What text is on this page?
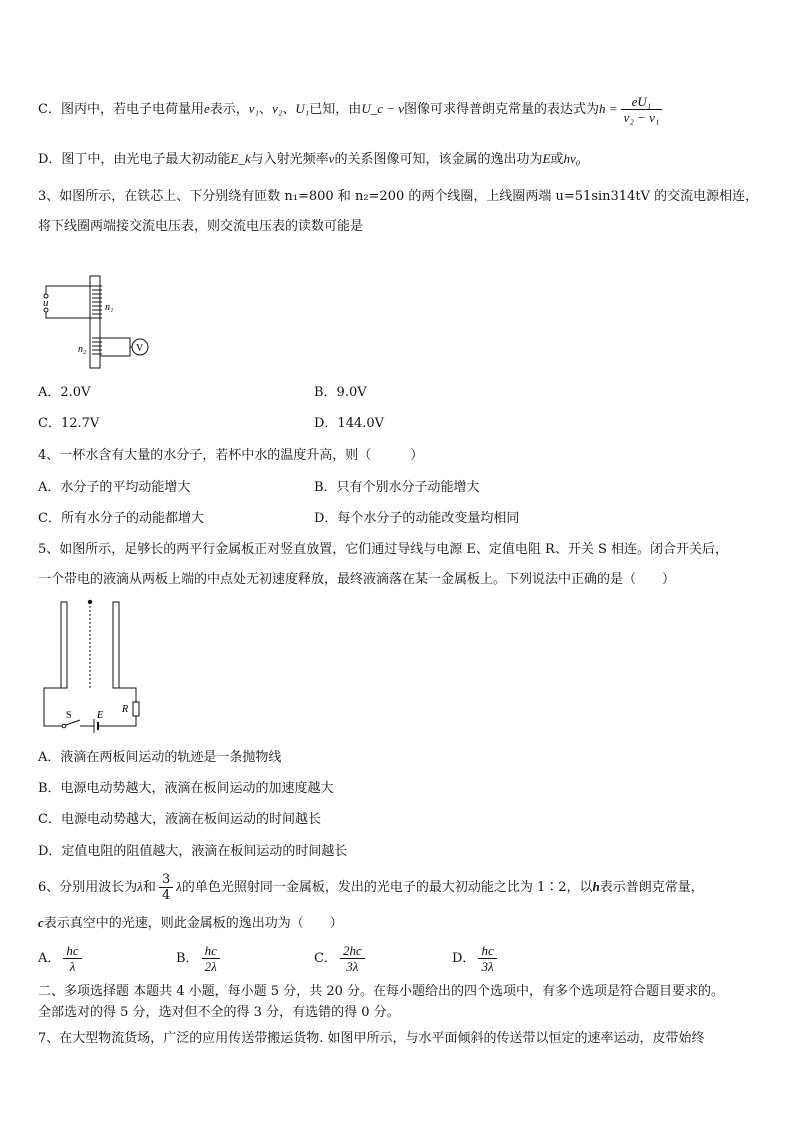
C．图丙中，若电子电荷量用e表示，ν₁、ν₂、U₁已知，由U_c − ν图像可求得普朗克常量的表达式为$h = \frac{\text{eU₁}}{\text{ν₂ − ν₁}}$
D．图丁中，由光电子最大初动能E_k与入射光频率ν的关系图像可知，该金属的逸出功为E或hν₀
3、如图所示，在铁芯上、下分别绕有匝数 n₁=800 和 n₂=200 的两个线圈，上线圈两端 u=51sin314tV 的交流电源相连，
将下线圈两端接交流电压表，则交流电压表的读数可能是
u	n₁
n₂	V
A．2.0V	B．9.0V
C．12.7V	D．144.0V
4、一杯水含有大量的水分子，若杯中水的温度升高，则（　　　）
A．水分子的平均动能增大	B．只有个别水分子动能增大
C．所有水分子的动能都增大	D．每个水分子的动能改变量均相同
5、如图所示，足够长的两平行金属板正对竖直放置，它们通过导线与电源 E、定值电阻 R、开关 S 相连。闭合开关后，
一个带电的液滴从两板上端的中点处无初速度释放，最终液滴落在某一金属板上。下列说法中正确的是（　　）
S	E
R
A．液滴在两板间运动的轨迹是一条抛物线
B．电源电动势越大，液滴在板间运动的加速度越大
C．电源电动势越大，液滴在板间运动的时间越长
D．定值电阻的阻值越大，液滴在板间运动的时间越长
6、分别用波长为λ和 $\frac{3}{4}$ λ的单色光照射同一金属板，发出的光电子的最大初动能之比为 1∶2，以h表示普朗克常量，
c表示真空中的光速，则此金属板的逸出功为（　　）
A． $\frac{hc}{\lambda}$	B． $\frac{hc}{2\lambda}$	C． $\frac{2hc}{3\lambda}$	D． $\frac{hc}{3\lambda}$
二、多项选择题 本题共 4 小题，每小题 5 分，共 20 分。在每小题给出的四个选项中，有多个选项是符合题目要求的。
全部选对的得 5 分，选对但不全的得 3 分，有选错的得 0 分。
7、在大型物流货场，广泛的应用传送带搬运货物. 如图甲所示，与水平面倾斜的传送带以恒定的速率运动，皮带始终
